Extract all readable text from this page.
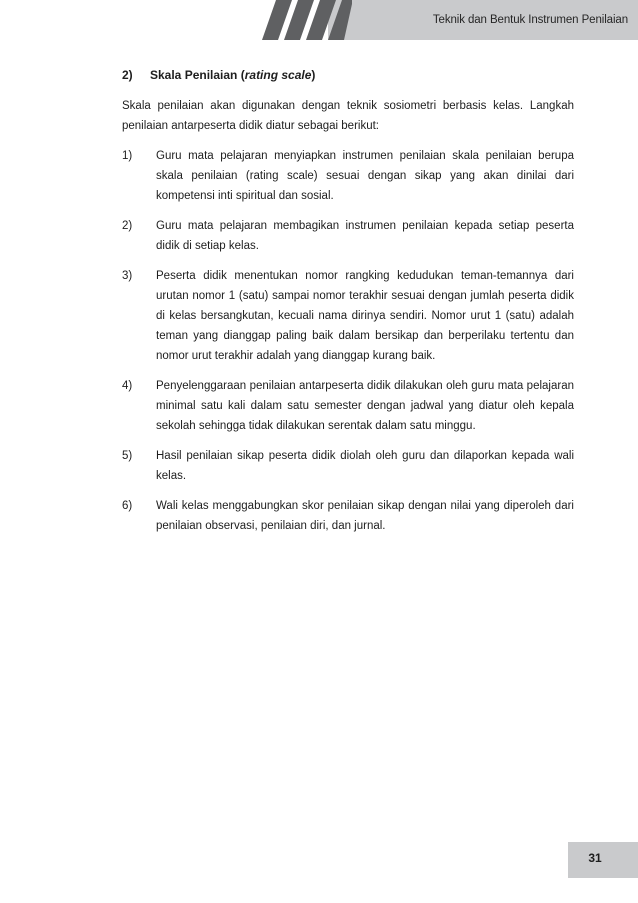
Teknik dan Bentuk Instrumen Penilaian
2) Skala Penilaian (rating scale)

Skala penilaian akan digunakan dengan teknik sosiometri berbasis kelas. Langkah penilaian antarpeserta didik diatur sebagai berikut:

1) Guru mata pelajaran menyiapkan instrumen penilaian skala penilaian berupa skala penilaian (rating scale) sesuai dengan sikap yang akan dinilai dari kompetensi inti spiritual dan sosial.
2) Guru mata pelajaran membagikan instrumen penilaian kepada setiap peserta didik di setiap kelas.
3) Peserta didik menentukan nomor rangking kedudukan teman-temannya dari urutan nomor 1 (satu) sampai nomor terakhir sesuai dengan jumlah peserta didik di kelas bersangkutan, kecuali nama dirinya sendiri. Nomor urut 1 (satu) adalah teman yang dianggap paling baik dalam bersikap dan berperilaku tertentu dan nomor urut terakhir adalah yang dianggap kurang baik.
4) Penyelenggaraan penilaian antarpeserta didik dilakukan oleh guru mata pelajaran minimal satu kali dalam satu semester dengan jadwal yang diatur oleh kepala sekolah sehingga tidak dilakukan serentak dalam satu minggu.
5) Hasil penilaian sikap peserta didik diolah oleh guru dan dilaporkan kepada wali kelas.
6) Wali kelas menggabungkan skor penilaian sikap dengan nilai yang diperoleh dari penilaian observasi, penilaian diri, dan jurnal.
31
